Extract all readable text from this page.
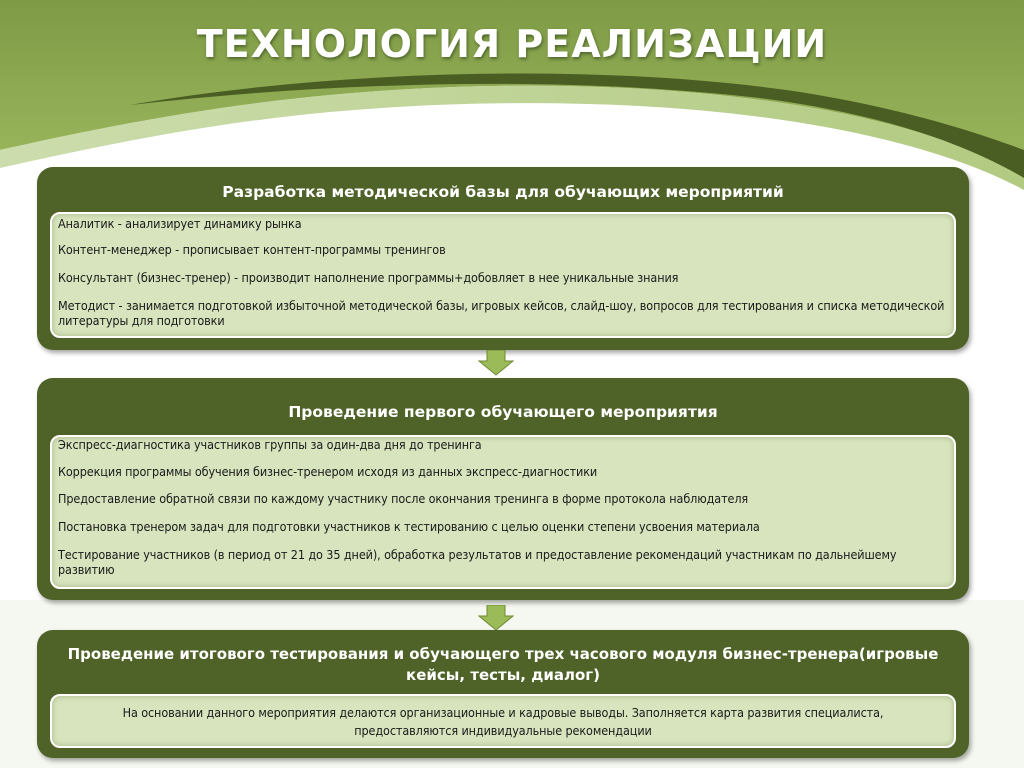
ТЕХНОЛОГИЯ РЕАЛИЗАЦИИ
Разработка методической базы для обучающих мероприятий
Аналитик - анализирует динамику рынка
Контент-менеджер - прописывает контент-программы тренингов
Консультант (бизнес-тренер) - производит наполнение программы+добовляет в нее уникальные знания
Методист - занимается подготовкой избыточной методической базы, игровых кейсов, слайд-шоу, вопросов для тестирования и списка методической литературы для подготовки
Проведение первого обучающего мероприятия
Экспресс-диагностика участников группы за один-два дня до тренинга
Коррекция программы обучения бизнес-тренером исходя из данных экспресс-диагностики
Предоставление обратной связи по каждому участнику после окончания тренинга в форме протокола наблюдателя
Постановка тренером задач для подготовки участников к тестированию с целью оценки степени усвоения материала
Тестирование участников (в период от 21 до 35 дней), обработка результатов и предоставление рекомендаций участникам по дальнейшему развитию
Проведение итогового тестирования и обучающего трех часового модуля бизнес-тренера(игровые кейсы, тесты, диалог)
На основании данного мероприятия делаются организационные и кадровые выводы. Заполняется карта развития специалиста, предоставляются индивидуальные рекомендации
